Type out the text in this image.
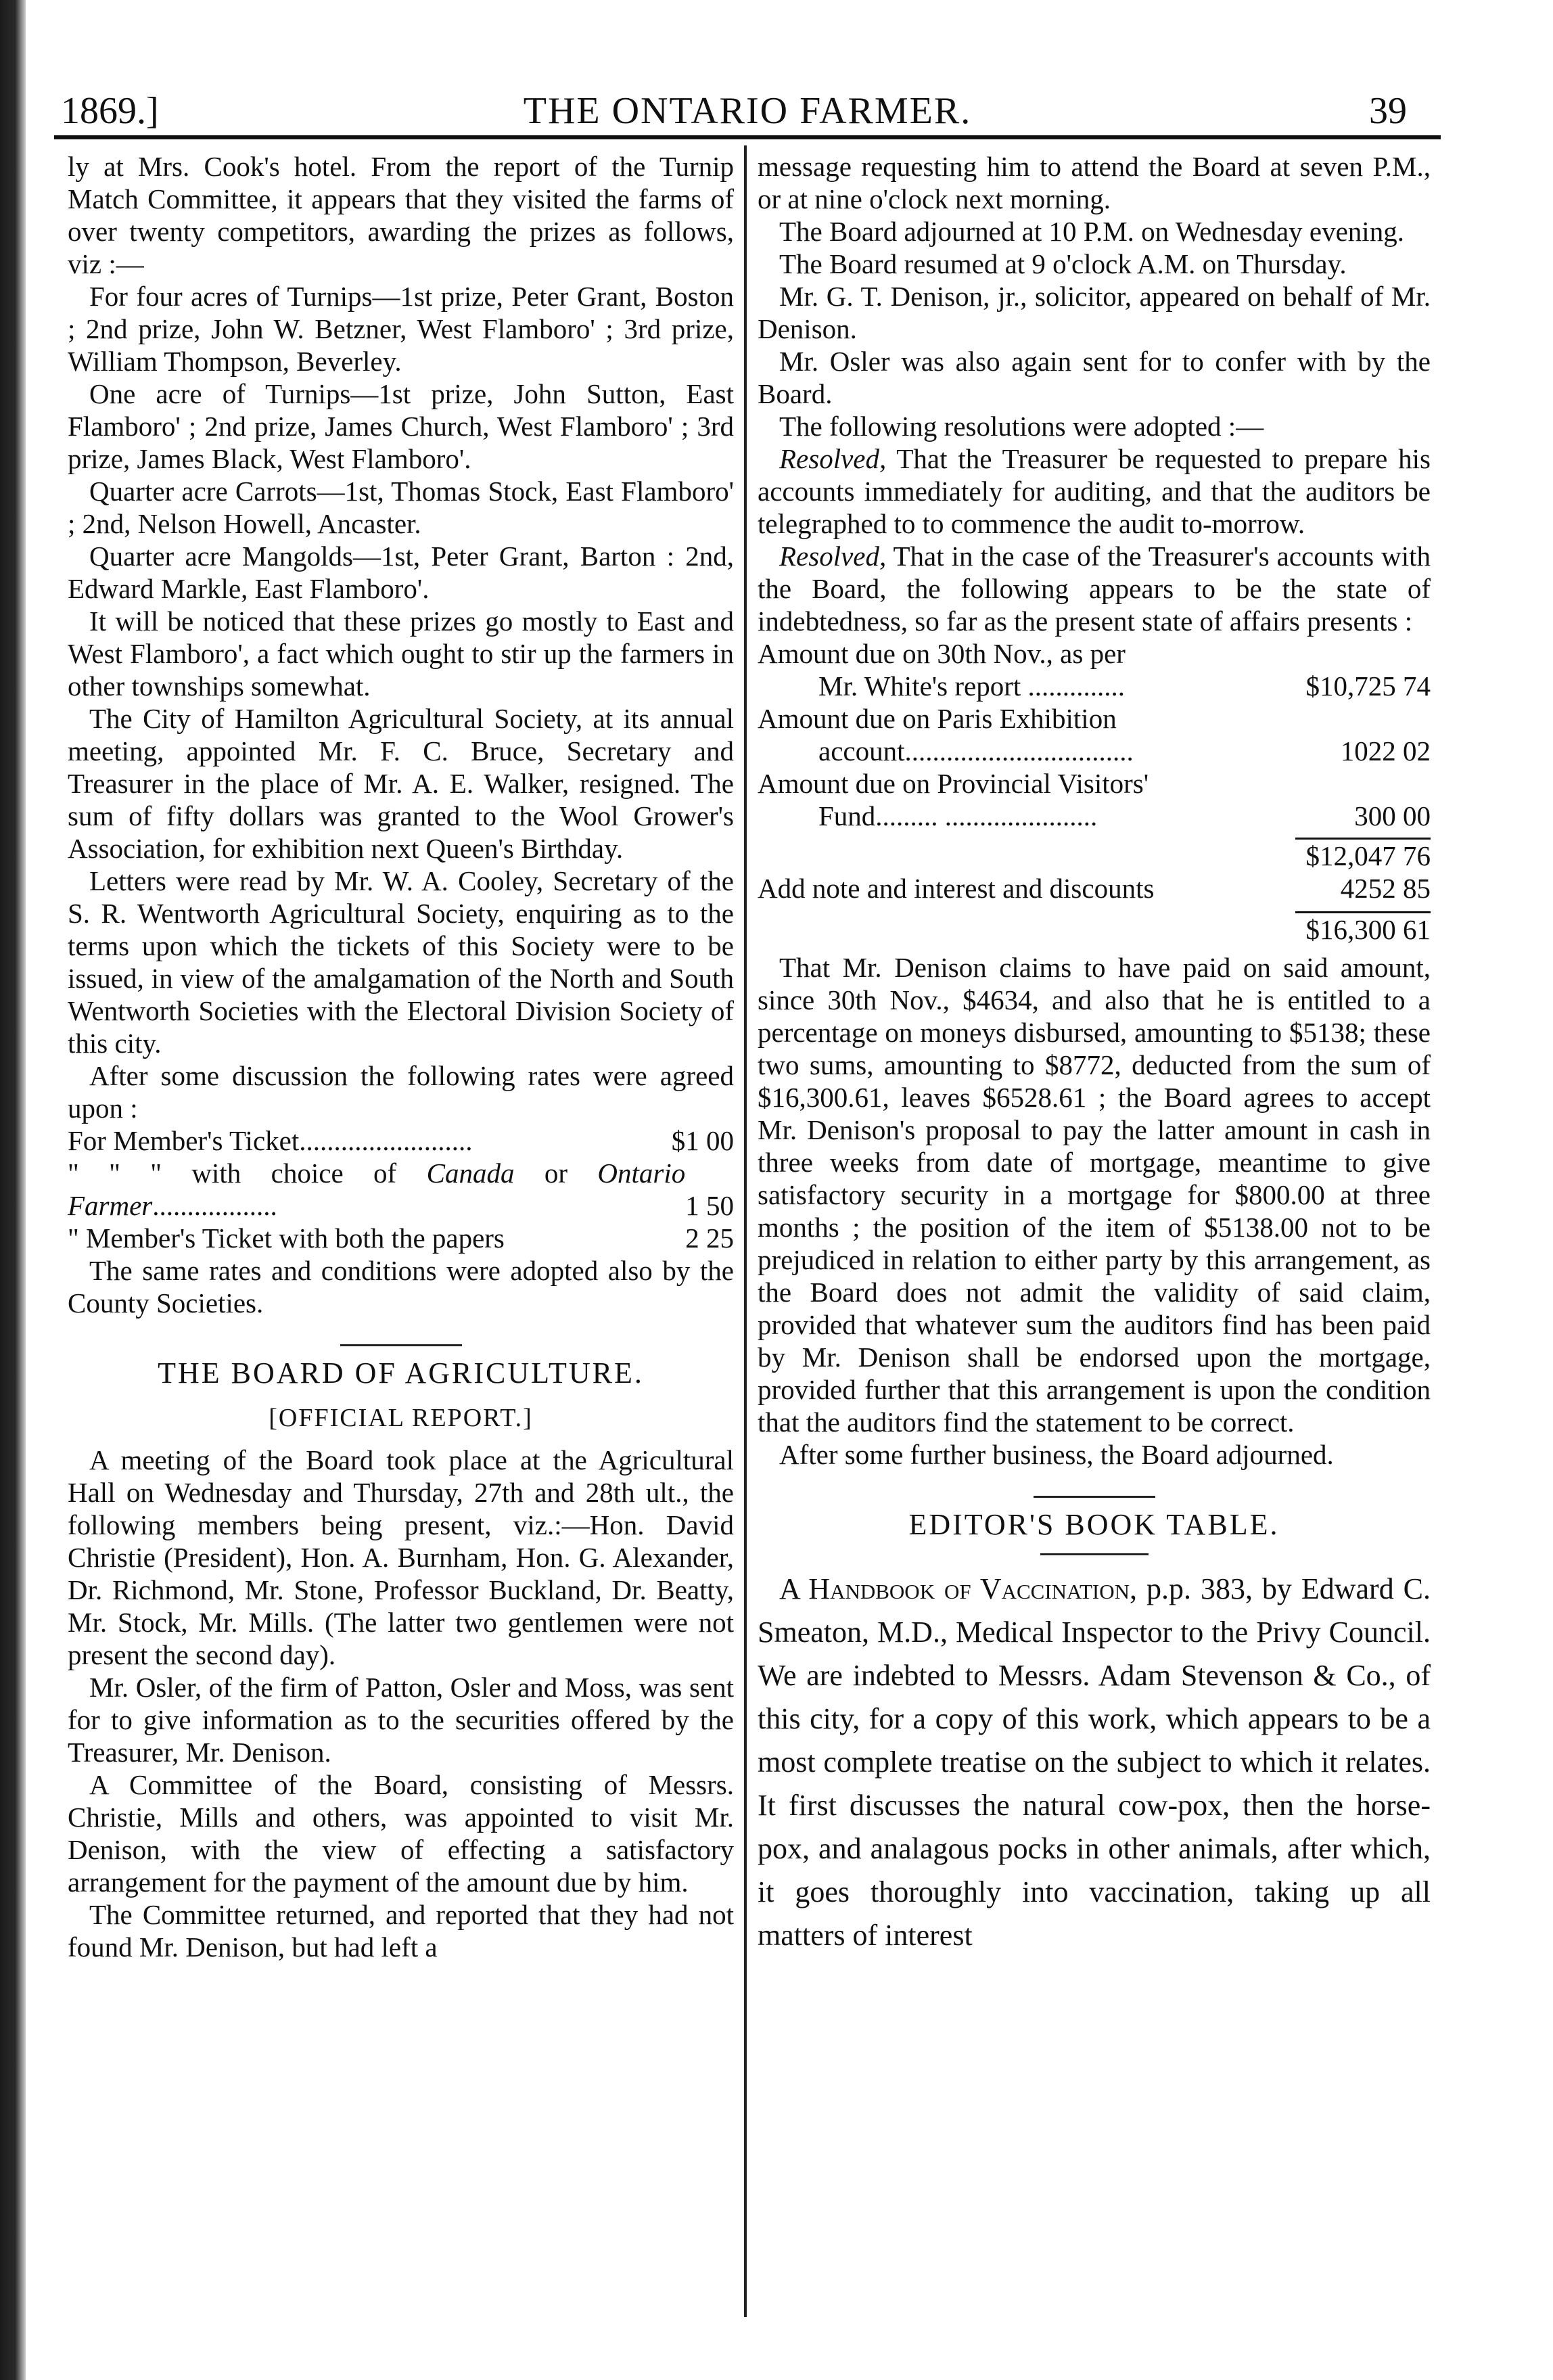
1869.]	THE ONTARIO FARMER.	39

ly at Mrs. Cook's hotel. From the report of the Turnip Match Committee, it appears that they visited the farms of over twenty competitors, awarding the prizes as follows, viz :—

For four acres of Turnips—1st prize, Peter Grant, Boston ; 2nd prize, John W. Betzner, West Flamboro' ; 3rd prize, William Thompson, Beverley.

One acre of Turnips—1st prize, John Sutton, East Flamboro' ; 2nd prize, James Church, West Flamboro' ; 3rd prize, James Black, West Flamboro'.

Quarter acre Carrots—1st, Thomas Stock, East Flamboro' ; 2nd, Nelson Howell, Ancaster.

Quarter acre Mangolds—1st, Peter Grant, Barton : 2nd, Edward Markle, East Flamboro'.

It will be noticed that these prizes go mostly to East and West Flamboro', a fact which ought to stir up the farmers in other townships somewhat.

The City of Hamilton Agricultural Society, at its annual meeting, appointed Mr. F. C. Bruce, Secretary and Treasurer in the place of Mr. A. E. Walker, resigned. The sum of fifty dollars was granted to the Wool Grower's Association, for exhibition next Queen's Birthday.

Letters were read by Mr. W. A. Cooley, Secretary of the S. R. Wentworth Agricultural Society, enquiring as to the terms upon which the tickets of this Society were to be issued, in view of the amalgamation of the North and South Wentworth Societies with the Electoral Division Society of this city.

After some discussion the following rates were agreed upon :

For Member's Ticket.........................	$1 00
" " " with choice of Canada or Ontario Farmer..................	1 50
" Member's Ticket with both the papers	2 25

The same rates and conditions were adopted also by the County Societies.

THE BOARD OF AGRICULTURE.
[OFFICIAL REPORT.]

A meeting of the Board took place at the Agricultural Hall on Wednesday and Thursday, 27th and 28th ult., the following members being present, viz.:—Hon. David Christie (President), Hon. A. Burnham, Hon. G. Alexander, Dr. Richmond, Mr. Stone, Professor Buckland, Dr. Beatty, Mr. Stock, Mr. Mills. (The latter two gentlemen were not present the second day).

Mr. Osler, of the firm of Patton, Osler and Moss, was sent for to give information as to the securities offered by the Treasurer, Mr. Denison.

A Committee of the Board, consisting of Messrs. Christie, Mills and others, was appointed to visit Mr. Denison, with the view of effecting a satisfactory arrangement for the payment of the amount due by him.

The Committee returned, and reported that they had not found Mr. Denison, but had left a

message requesting him to attend the Board at seven P.M., or at nine o'clock next morning.

The Board adjourned at 10 P.M. on Wednesday evening.

The Board resumed at 9 o'clock A.M. on Thursday.

Mr. G. T. Denison, jr., solicitor, appeared on behalf of Mr. Denison.

Mr. Osler was also again sent for to confer with by the Board.

The following resolutions were adopted :—

Resolved, That the Treasurer be requested to prepare his accounts immediately for auditing, and that the auditors be telegraphed to to commence the audit to-morrow.

Resolved, That in the case of the Treasurer's accounts with the Board, the following appears to be the state of indebtedness, so far as the present state of affairs presents :

Amount due on 30th Nov., as per
Mr. White's report ..............	$10,725 74
Amount due on Paris Exhibition
account.................................	1022 02
Amount due on Provincial Visitors'
Fund......... ......................	300 00
$12,047 76
Add note and interest and discounts	4252 85
$16,300 61

That Mr. Denison claims to have paid on said amount, since 30th Nov., $4634, and also that he is entitled to a percentage on moneys disbursed, amounting to $5138; these two sums, amounting to $8772, deducted from the sum of $16,300.61, leaves $6528.61 ; the Board agrees to accept Mr. Denison's proposal to pay the latter amount in cash in three weeks from date of mortgage, meantime to give satisfactory security in a mortgage for $800.00 at three months ; the position of the item of $5138.00 not to be prejudiced in relation to either party by this arrangement, as the Board does not admit the validity of said claim, provided that whatever sum the auditors find has been paid by Mr. Denison shall be endorsed upon the mortgage, provided further that this arrangement is upon the condition that the auditors find the statement to be correct.

After some further business, the Board adjourned.

EDITOR'S BOOK TABLE.

A Handbook of Vaccination, p.p. 383, by Edward C. Smeaton, M.D., Medical Inspector to the Privy Council. We are indebted to Messrs. Adam Stevenson & Co., of this city, for a copy of this work, which appears to be a most complete treatise on the subject to which it relates. It first discusses the natural cow-pox, then the horse-pox, and analagous pocks in other animals, after which, it goes thoroughly into vaccination, taking up all matters of interest
